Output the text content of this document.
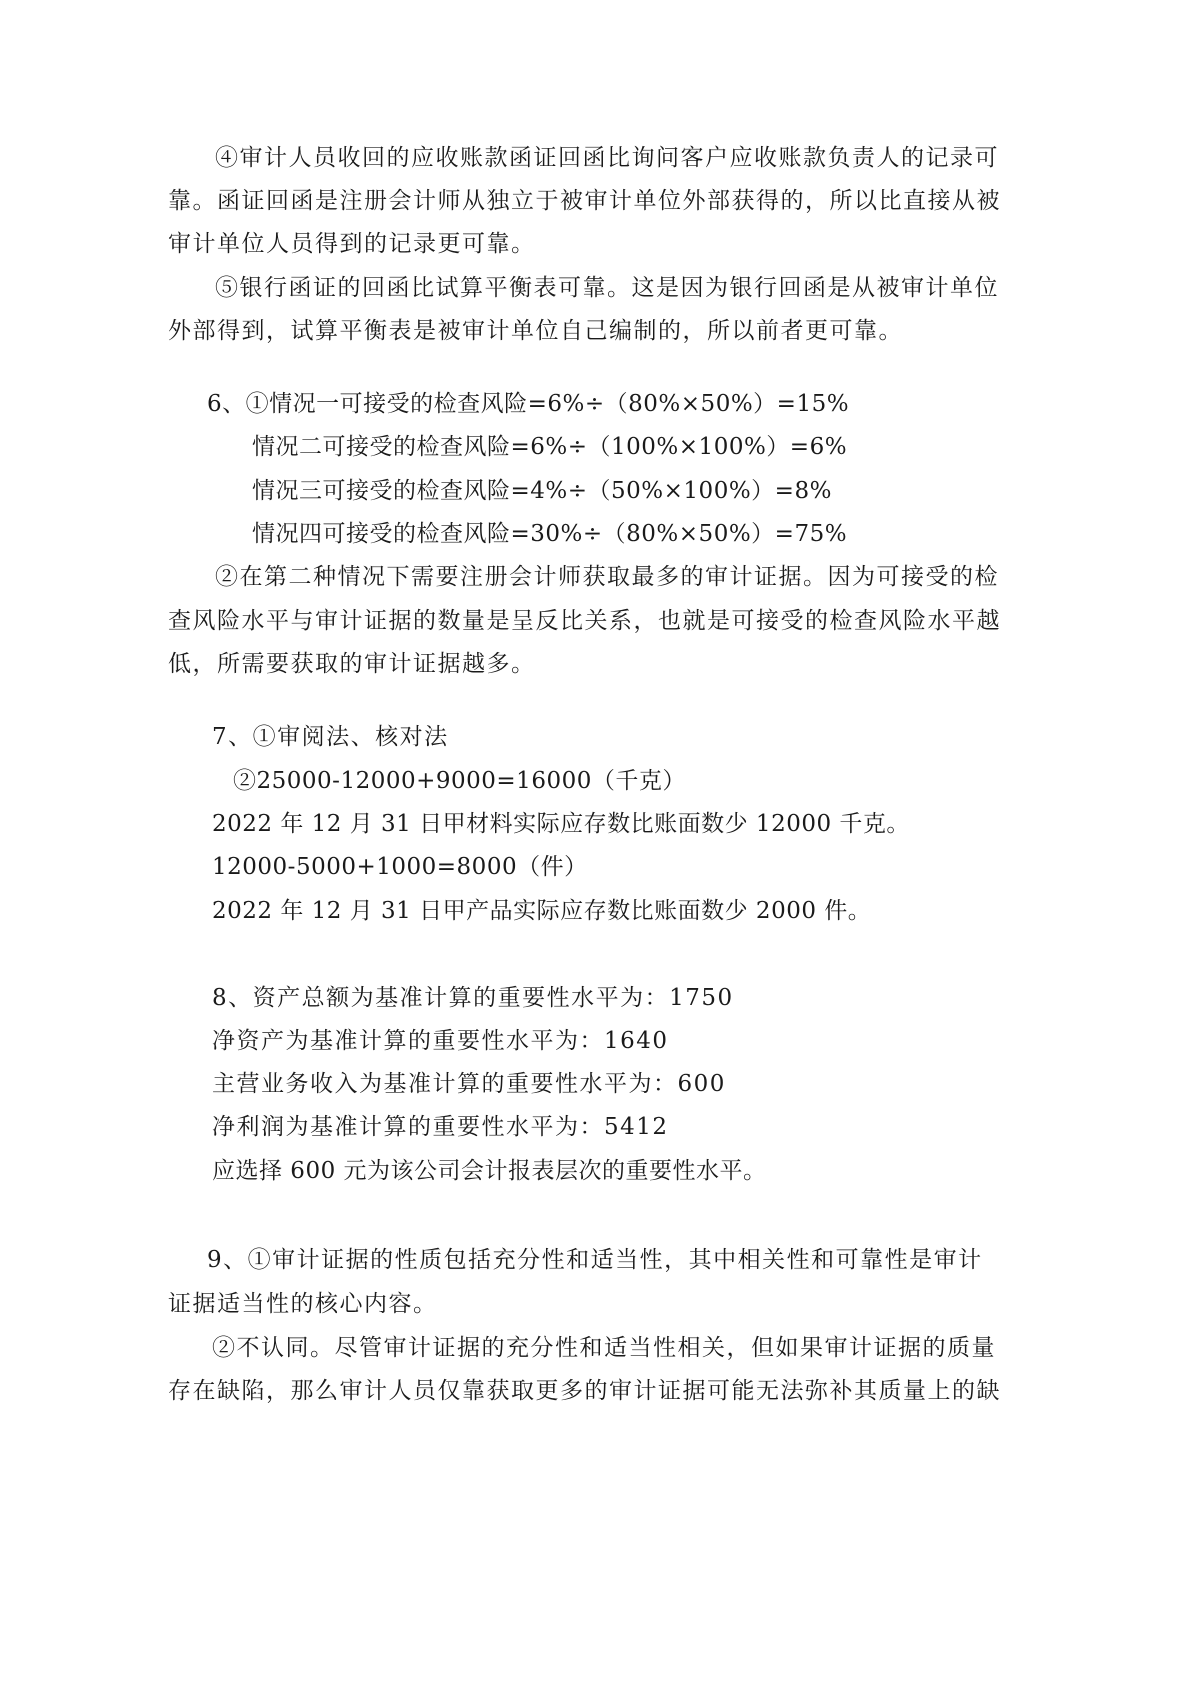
④审计人员收回的应收账款函证回函比询问客户应收账款负责人的记录可
靠。函证回函是注册会计师从独立于被审计单位外部获得的，所以比直接从被
审计单位人员得到的记录更可靠。
⑤银行函证的回函比试算平衡表可靠。这是因为银行回函是从被审计单位
外部得到，试算平衡表是被审计单位自己编制的，所以前者更可靠。
6、①情况一可接受的检查风险=6%÷（80%×50%）=15%
情况二可接受的检查风险=6%÷（100%×100%）=6%
情况三可接受的检查风险=4%÷（50%×100%）=8%
情况四可接受的检查风险=30%÷（80%×50%）=75%
②在第二种情况下需要注册会计师获取最多的审计证据。因为可接受的检
查风险水平与审计证据的数量是呈反比关系，也就是可接受的检查风险水平越
低，所需要获取的审计证据越多。
7、①审阅法、核对法
②25000-12000+9000=16000（千克）
2022 年 12 月 31 日甲材料实际应存数比账面数少 12000 千克。
12000-5000+1000=8000（件）
2022 年 12 月 31 日甲产品实际应存数比账面数少 2000 件。
8、资产总额为基准计算的重要性水平为：1750
净资产为基准计算的重要性水平为：1640
主营业务收入为基准计算的重要性水平为：600
净利润为基准计算的重要性水平为：5412
应选择 600 元为该公司会计报表层次的重要性水平。
9、①审计证据的性质包括充分性和适当性，其中相关性和可靠性是审计
证据适当性的核心内容。
②不认同。尽管审计证据的充分性和适当性相关，但如果审计证据的质量
存在缺陷，那么审计人员仅靠获取更多的审计证据可能无法弥补其质量上的缺
